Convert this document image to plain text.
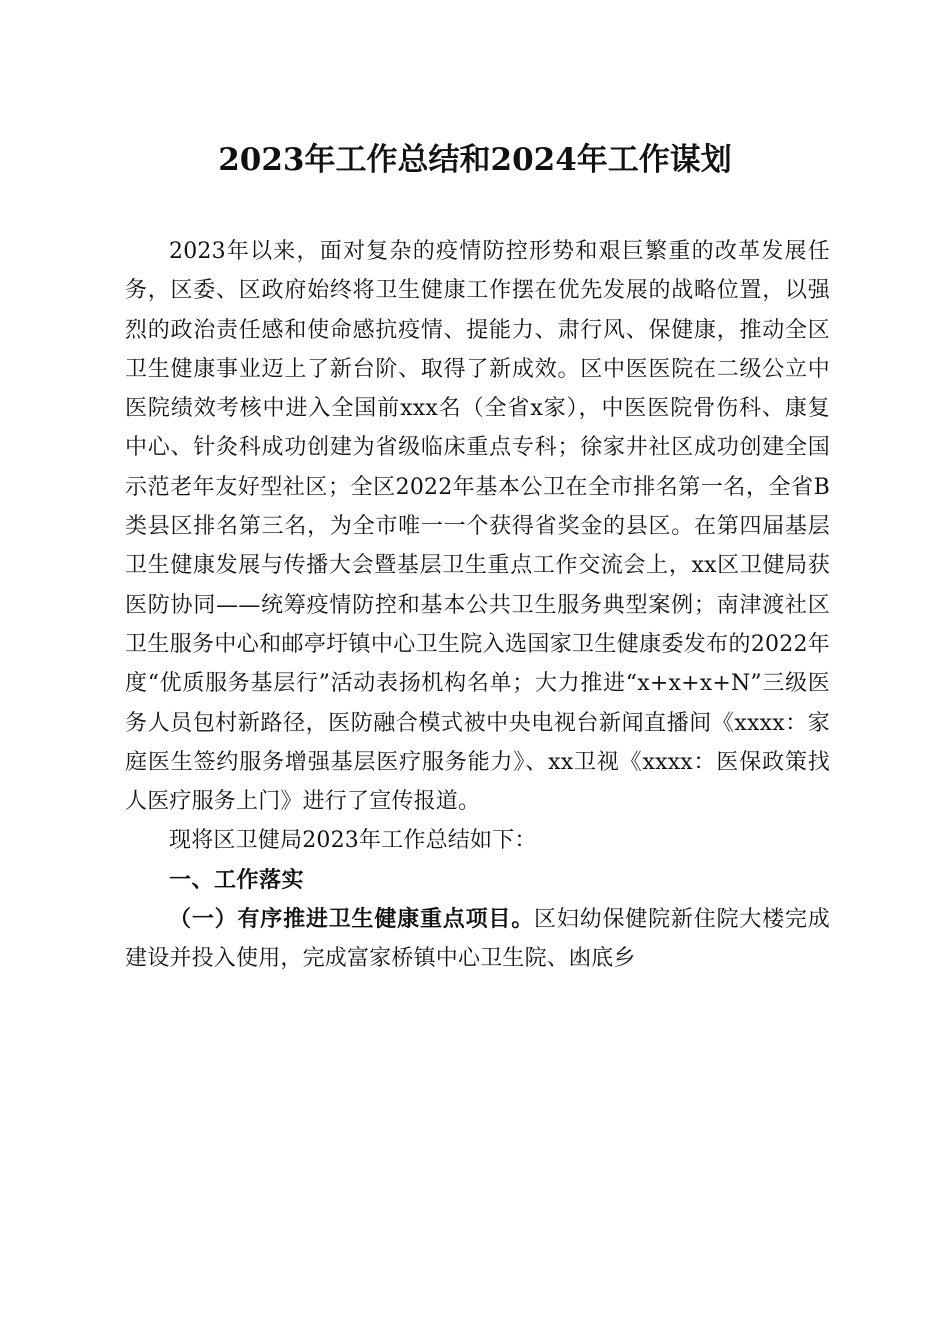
2023年工作总结和2024年工作谋划

2023年以来，面对复杂的疫情防控形势和艰巨繁重的改革发展任务，区委、区政府始终将卫生健康工作摆在优先发展的战略位置，以强烈的政治责任感和使命感抗疫情、提能力、肃行风、保健康，推动全区卫生健康事业迈上了新台阶、取得了新成效。区中医医院在二级公立中医院绩效考核中进入全国前xxx名（全省x家），中医医院骨伤科、康复中心、针灸科成功创建为省级临床重点专科；徐家井社区成功创建全国示范老年友好型社区；全区2022年基本公卫在全市排名第一名，全省B类县区排名第三名，为全市唯一一个获得省奖金的县区。在第四届基层卫生健康发展与传播大会暨基层卫生重点工作交流会上，xx区卫健局获医防协同——统筹疫情防控和基本公共卫生服务典型案例；南津渡社区卫生服务中心和邮亭圩镇中心卫生院入选国家卫生健康委发布的2022年度“优质服务基层行”活动表扬机构名单；大力推进“x+x+x+N”三级医务人员包村新路径，医防融合模式被中央电视台新闻直播间《xxxx：家庭医生签约服务增强基层医疗服务能力》、xx卫视《xxxx：医保政策找人医疗服务上门》进行了宣传报道。

现将区卫健局2023年工作总结如下：

一、工作落实

（一）有序推进卫生健康重点项目。区妇幼保健院新住院大楼完成建设并投入使用，完成富家桥镇中心卫生院、凼底乡
